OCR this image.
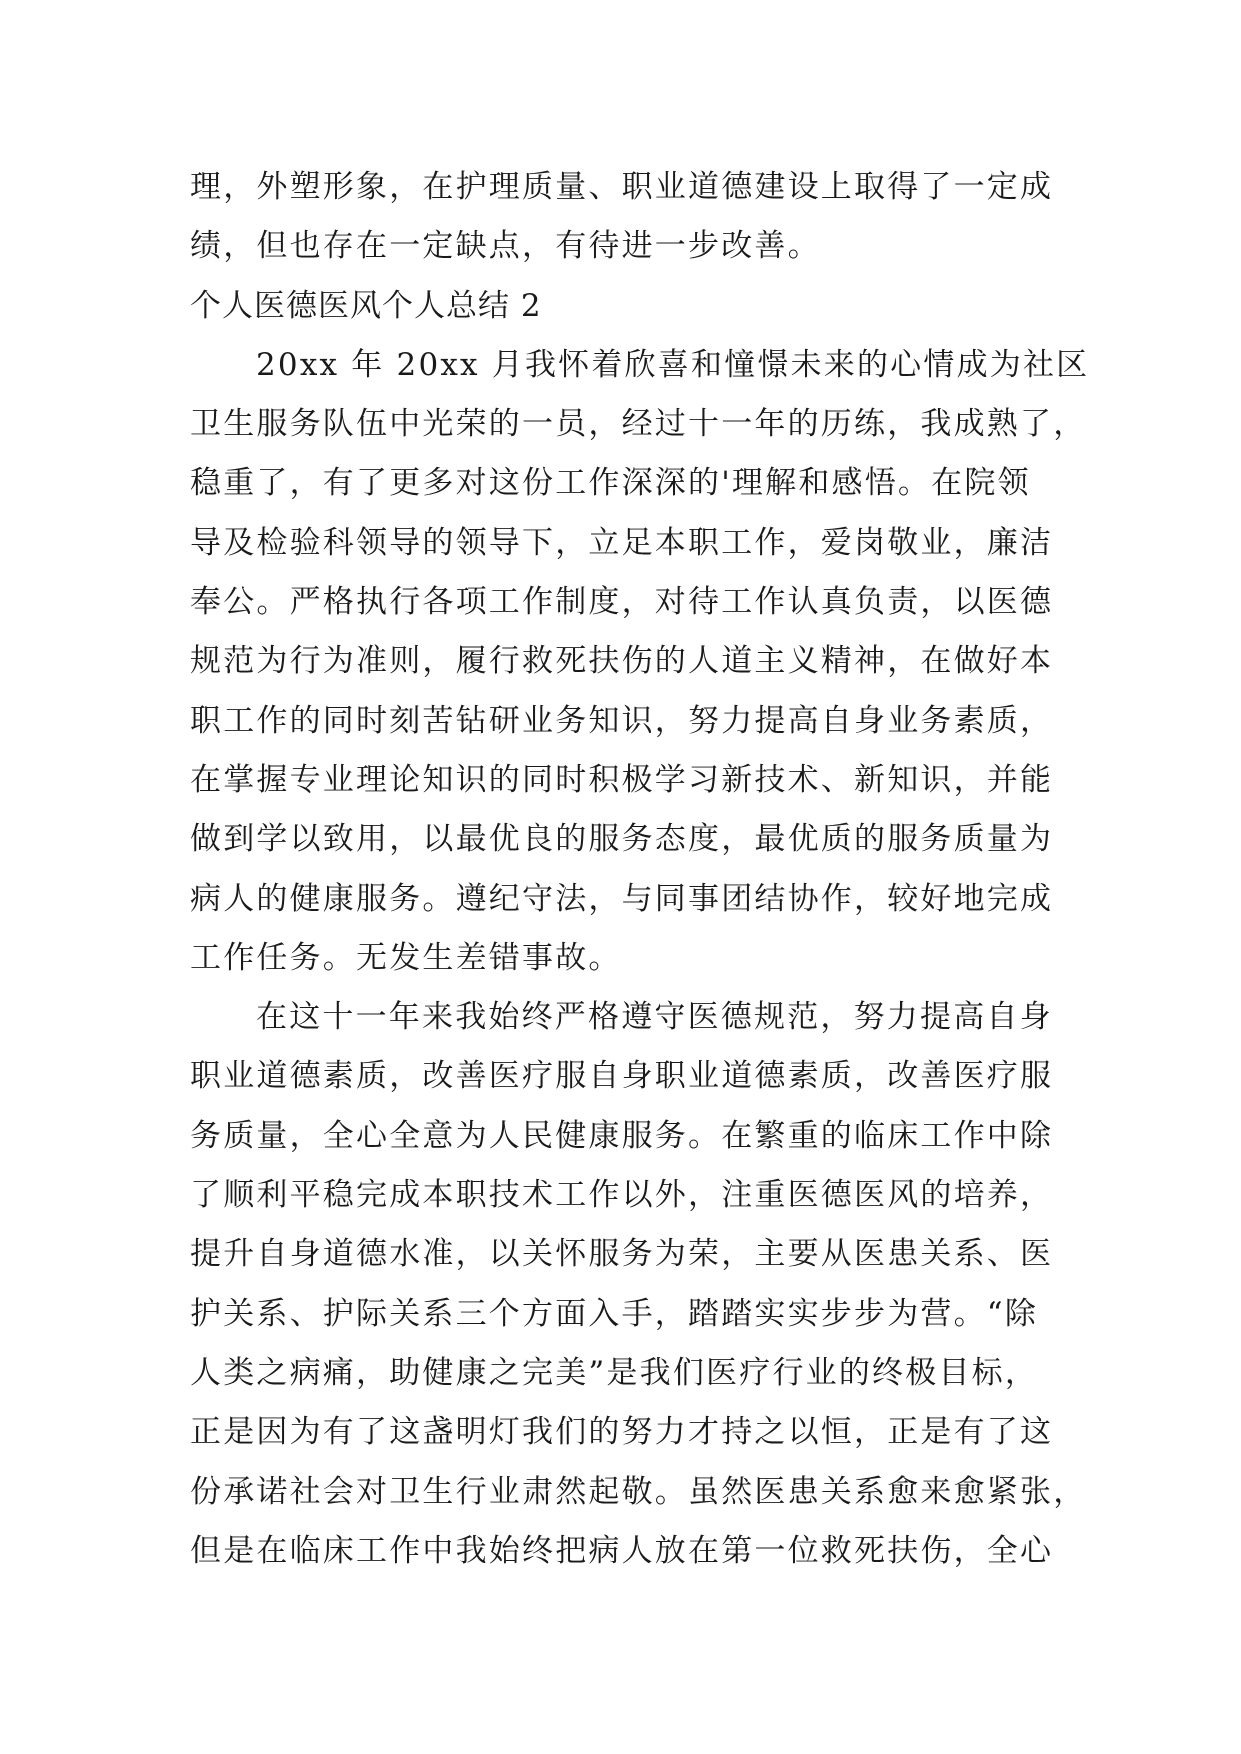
理，外塑形象，在护理质量、职业道德建设上取得了一定成
绩，但也存在一定缺点，有待进一步改善。
个人医德医风个人总结 2
20xx 年 20xx 月我怀着欣喜和憧憬未来的心情成为社区
卫生服务队伍中光荣的一员，经过十一年的历练，我成熟了，
稳重了，有了更多对这份工作深深的'理解和感悟。在院领
导及检验科领导的领导下，立足本职工作，爱岗敬业，廉洁
奉公。严格执行各项工作制度，对待工作认真负责，以医德
规范为行为准则，履行救死扶伤的人道主义精神，在做好本
职工作的同时刻苦钻研业务知识，努力提高自身业务素质，
在掌握专业理论知识的同时积极学习新技术、新知识，并能
做到学以致用，以最优良的服务态度，最优质的服务质量为
病人的健康服务。遵纪守法，与同事团结协作，较好地完成
工作任务。无发生差错事故。
在这十一年来我始终严格遵守医德规范，努力提高自身
职业道德素质，改善医疗服自身职业道德素质，改善医疗服
务质量，全心全意为人民健康服务。在繁重的临床工作中除
了顺利平稳完成本职技术工作以外，注重医德医风的培养，
提升自身道德水准，以关怀服务为荣，主要从医患关系、医
护关系、护际关系三个方面入手，踏踏实实步步为营。“除
人类之病痛，助健康之完美”是我们医疗行业的终极目标，
正是因为有了这盏明灯我们的努力才持之以恒，正是有了这
份承诺社会对卫生行业肃然起敬。虽然医患关系愈来愈紧张，
但是在临床工作中我始终把病人放在第一位救死扶伤，全心
